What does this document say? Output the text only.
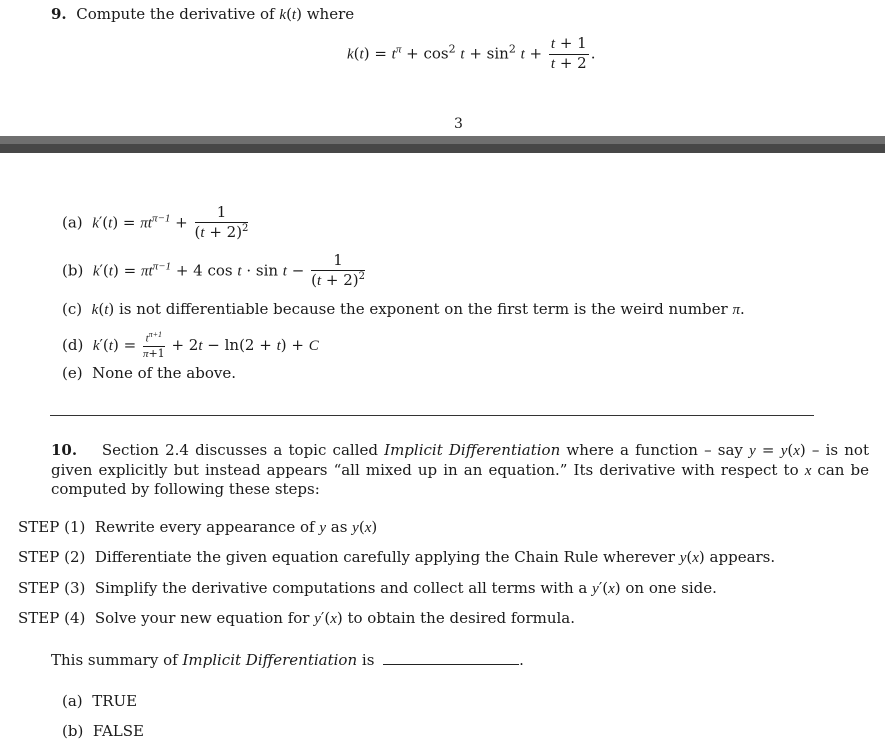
9. Compute the derivative of k(t) where
$k(t) = t^\pi + \cos^2 t + \sin^2 t + \frac{t + 1}{t + 2}$ .
3
(a) $k'(t) = \pi t^{\pi-1} + \frac{1}{(t + 2)^2}$
(b) $k'(t) = \pi t^{\pi-1} + 4$ $\cos t \cdot \sin t - \frac{1}{(t + 2)^2}$
(c) k(t) is not differentiable because the exponent on the first term is the weird number π.
(d) $k'(t) = \frac{t^{\pi+1}}{\pi+1} + 2t - \ln(2 + t) + C$
(e) None of the above.
10.    Section 2.4 discusses a topic called Implicit Differentiation where a function – say y = y(x) – is not given explicitly but instead appears “all mixed up in an equation.” Its derivative with respect to x can be computed by following these steps:
STEP (1)  Rewrite every appearance of y as y(x)
STEP (2)  Differentiate the given equation carefully applying the Chain Rule wherever y(x) appears.
STEP (3)  Simplify the derivative computations and collect all terms with a y′(x) on one side.
STEP (4)  Solve your new equation for y′(x) to obtain the desired formula.
This summary of Implicit Differentiation is	.
(a) TRUE
(b) FALSE
